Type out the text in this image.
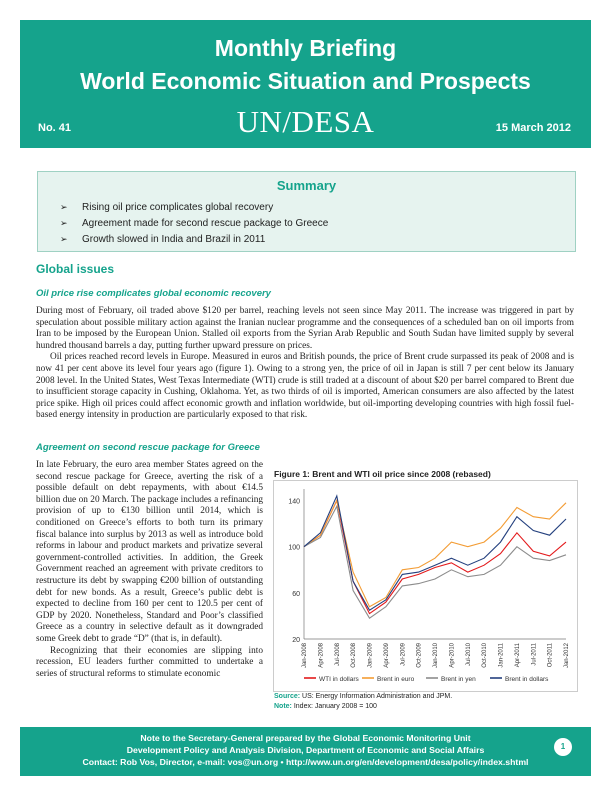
Monthly Briefing
World Economic Situation and Prospects
No. 41	UN/DESA	15 March 2012
Summary
➢ Rising oil price complicates global recovery
➢ Agreement made for second rescue package to Greece
➢ Growth slowed in India and Brazil in 2011
Global issues
Oil price rise complicates global economic recovery

During most of February, oil traded above $120 per barrel, reaching levels not seen since May 2011. The increase was triggered in part by speculation about possible military action against the Iranian nuclear programme and the consequences of a scheduled ban on oil imports from Iran to be imposed by the European Union. Stalled oil exports from the Syrian Arab Republic and South Sudan have limited supply by several hundred thousand barrels a day, putting further upward pressure on prices.

Oil prices reached record levels in Europe. Measured in euros and British pounds, the price of Brent crude surpassed its peak of 2008 and is now 41 per cent above its level four years ago (figure 1). Owing to a strong yen, the price of oil in Japan is still 7 per cent below its January 2008 level. In the United States, West Texas Intermediate (WTI) crude is still traded at a discount of about $20 per barrel compared to Brent due to insufficient storage capacity in Cushing, Oklahoma. Yet, as two thirds of oil is imported, American consumers are also affected by the latest price spike. High oil prices could affect economic growth and inflation worldwide, but oil-importing developing countries with high fossil fuel-based energy intensity in production are particularly exposed to that risk.

Agreement on second rescue package for Greece

In late February, the euro area member States agreed on the second rescue package for Greece, averting the risk of a possible default on debt repayments, with about €14.5 billion due on 20 March. The package includes a refinancing provision of up to €130 billion until 2014, which is conditioned on Greece’s efforts to both turn its primary fiscal balance into surplus by 2013 as well as introduce bold reforms in labour and product markets and privatize several government-controlled activities. In addition, the Greek Government reached an agreement with private creditors to restructure its debt by swapping €200 billion of outstanding debt for new bonds. As a result, Greece’s public debt is expected to decline from 160 per cent to 120.5 per cent of GDP by 2020. Nonetheless, Standard and Poor’s classified Greece as a country in selective default as it downgraded some Greek debt to grade “D” (that is, in default).

Recognizing that their economies are slipping into recession, EU leaders further committed to undertake a series of structural reforms to stimulate economic

Figure 1: Brent and WTI oil price since 2008 (rebased)
20
60
100
140
Jan-2008 Apr-2008 Jul-2008 Oct-2008 Jan-2009 Apr-2009 Jul-2009 Oct-2009 Jan-2010 Apr-2010 Jul-2010 Oct-2010 Jan-2011 Apr-2011 Jul-2011 Oct-2011 Jan-2012
WTI in dollars	Brent in euro	Brent in yen	Brent in dollars
Source: US: Energy Information Administration and JPM.
Note: Index: January 2008 = 100
Note to the Secretary-General prepared by the Global Economic Monitoring Unit
Development Policy and Analysis Division, Department of Economic and Social Affairs
Contact: Rob Vos, Director, e-mail: vos@un.org • http://www.un.org/en/development/desa/policy/index.shtml
1
